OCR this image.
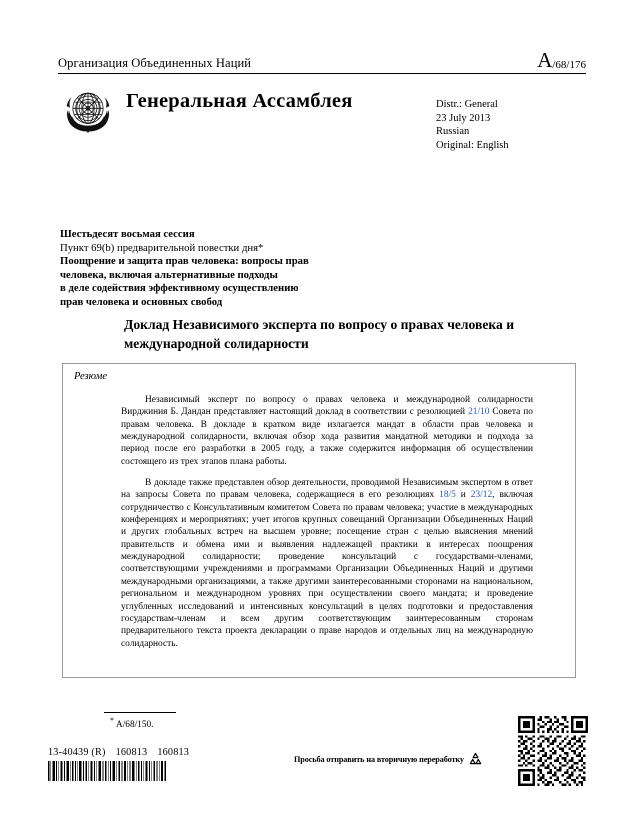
Организация Объединенных Наций	A/68/176
Генеральная Ассамблея	Distr.: General
23 July 2013
Russian
Original: English
Шестьдесят восьмая сессия
Пункт 69(b) предварительной повестки дня*
Поощрение и защита прав человека: вопросы прав
человека, включая альтернативные подходы
в деле содействия эффективному осуществлению
прав человека и основных свобод
Доклад Независимого эксперта по вопросу о правах человека и международной солидарности
Резюме

Независимый эксперт по вопросу о правах человека и международной солидарности Вирджиния Б. Дандан представляет настоящий доклад в соответствии с резолюцией 21/10 Совета по правам человека. В докладе в кратком виде излагается мандат в области прав человека и международной солидарности, включая обзор хода развития мандатной методики и подхода за период после его разработки в 2005 году, а также содержится информация об осуществлении состоящего из трех этапов плана работы.

В докладе также представлен обзор деятельности, проводимой Независимым экспертом в ответ на запросы Совета по правам человека, содержащиеся в его резолюциях 18/5 и 23/12, включая сотрудничество с Консультативным комитетом Совета по правам человека; участие в международных конференциях и мероприятиях; учет итогов крупных совещаний Организации Объединенных Наций и других глобальных встреч на высшем уровне; посещение стран с целью выяснения мнений правительств и обмена ими и выявления надлежащей практики в интересах поощрения международной солидарности; проведение консультаций с государствами-членами, соответствующими учреждениями и программами Организации Объединенных Наций и другими международными организациями, а также другими заинтересованными сторонами на национальном, региональном и международном уровнях при осуществлении своего мандата; и проведение углубленных исследований и интенсивных консультаций в целях подготовки и предоставления государствам-членам и всем другим соответствующим заинтересованным сторонам предварительного текста проекта декларации о праве народов и отдельных лиц на международную солидарность.

* A/68/150.
13-40439 (R) 160813 160813
Просьба отправить на вторичную переработку
